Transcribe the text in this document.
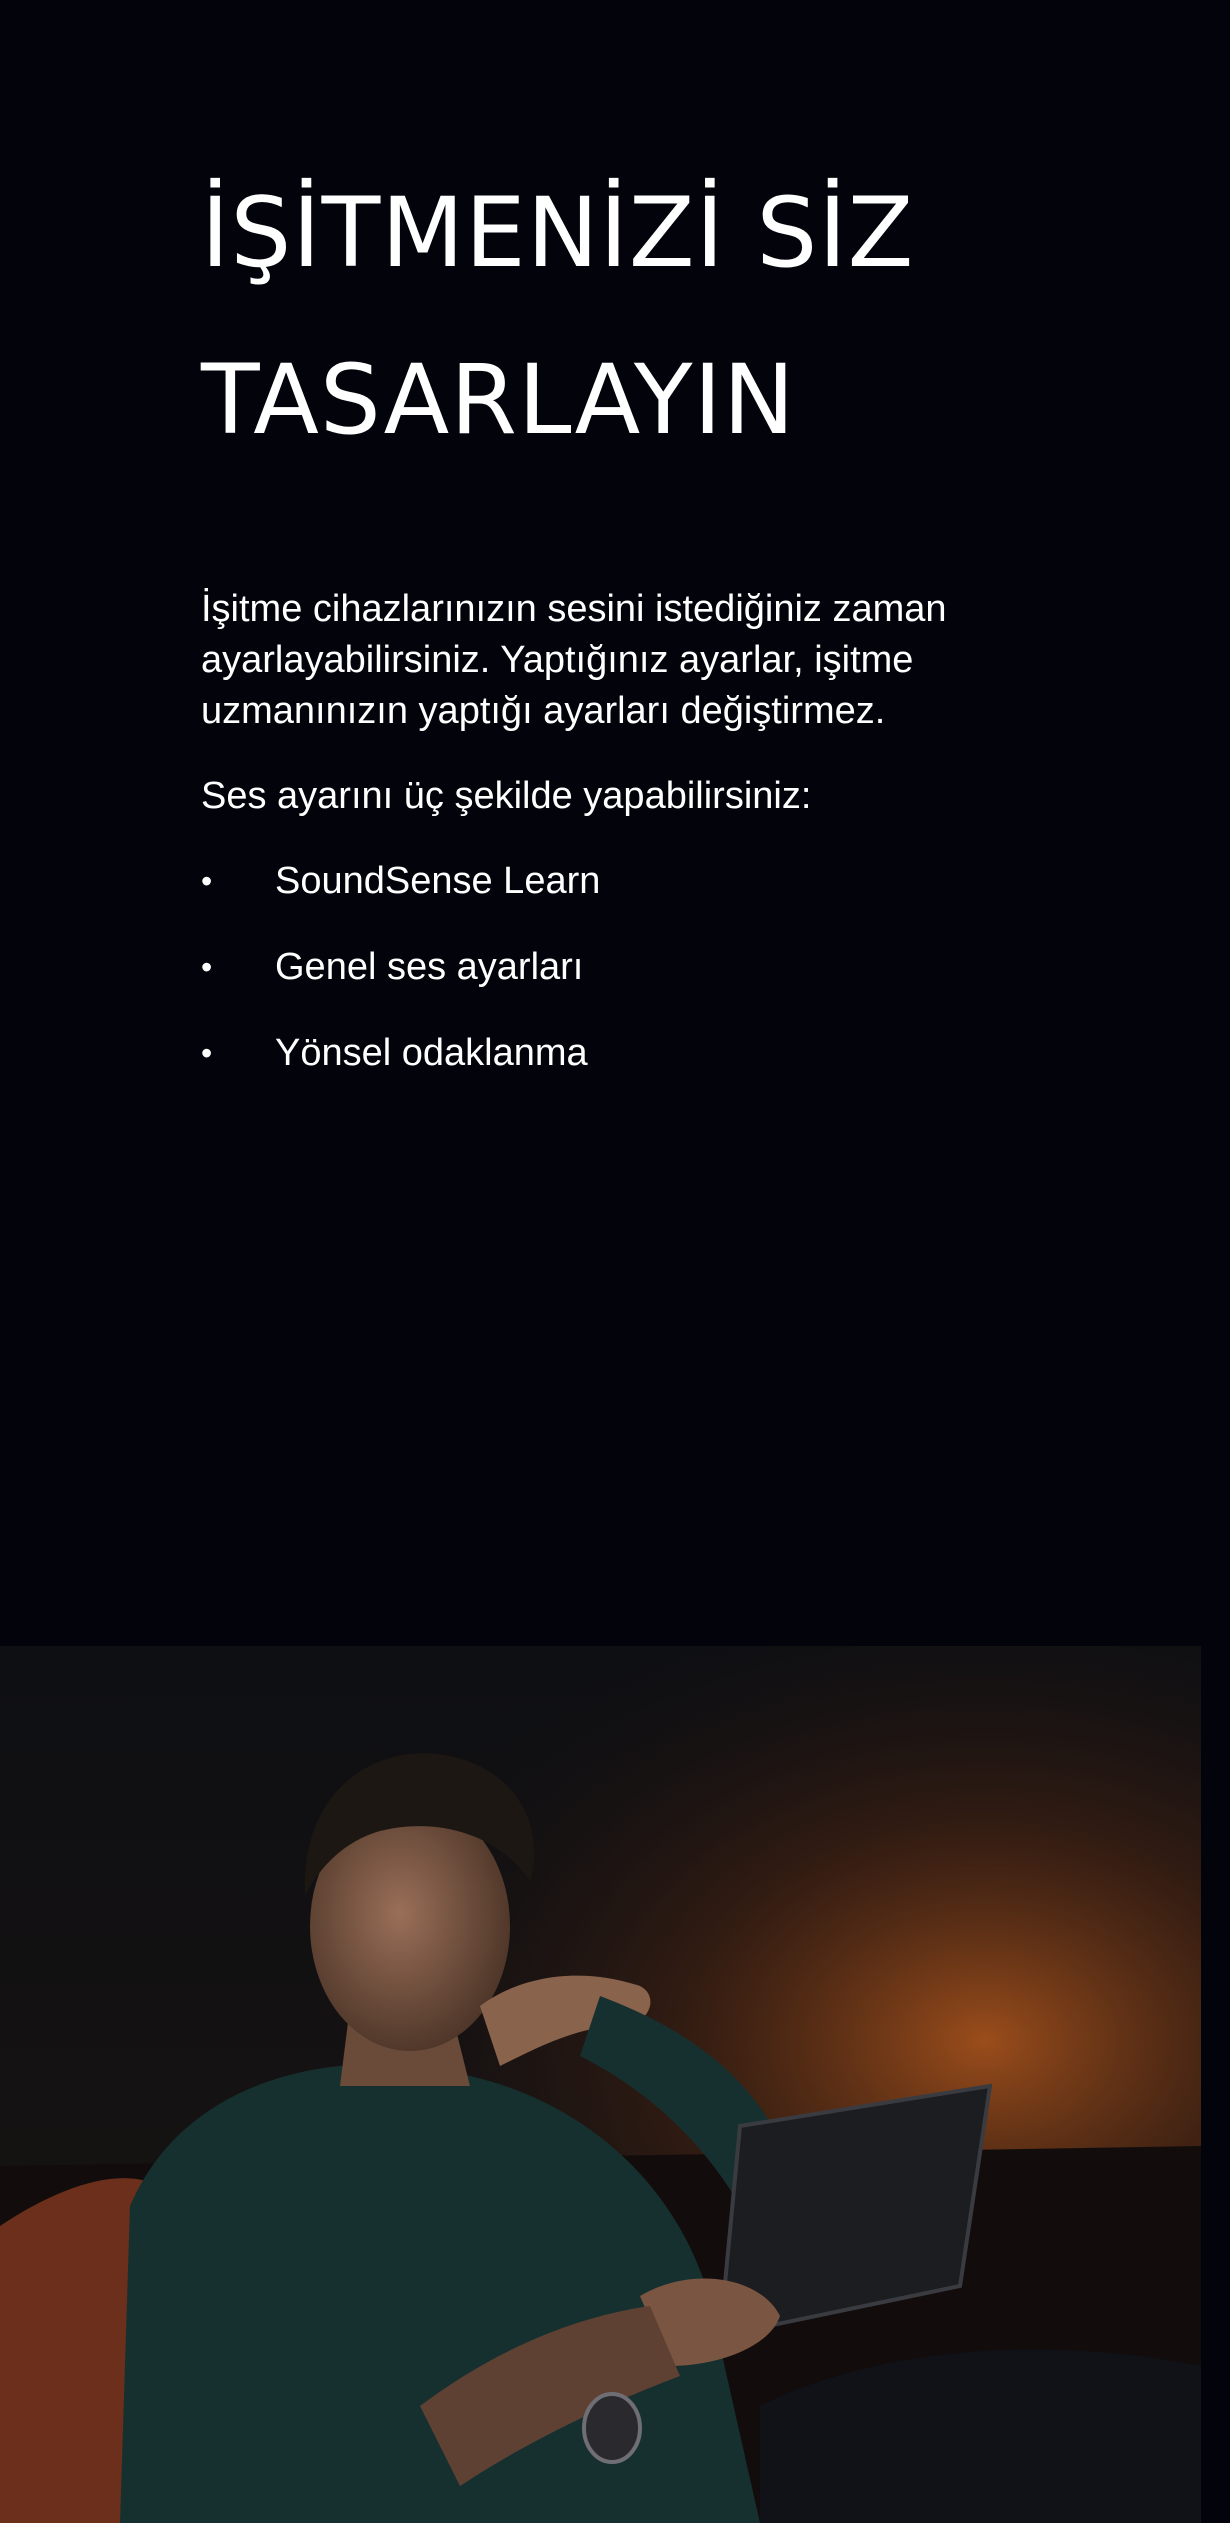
İŞİTMENİZİ SİZ
TASARLAYIN

İşitme cihazlarınızın sesini istediğiniz zaman ayarlayabilirsiniz. Yaptığınız ayarlar, işitme uzmanınızın yaptığı ayarları değiştirmez.

Ses ayarını üç şekilde yapabilirsiniz:

• SoundSense Learn
• Genel ses ayarları
• Yönsel odaklanma
